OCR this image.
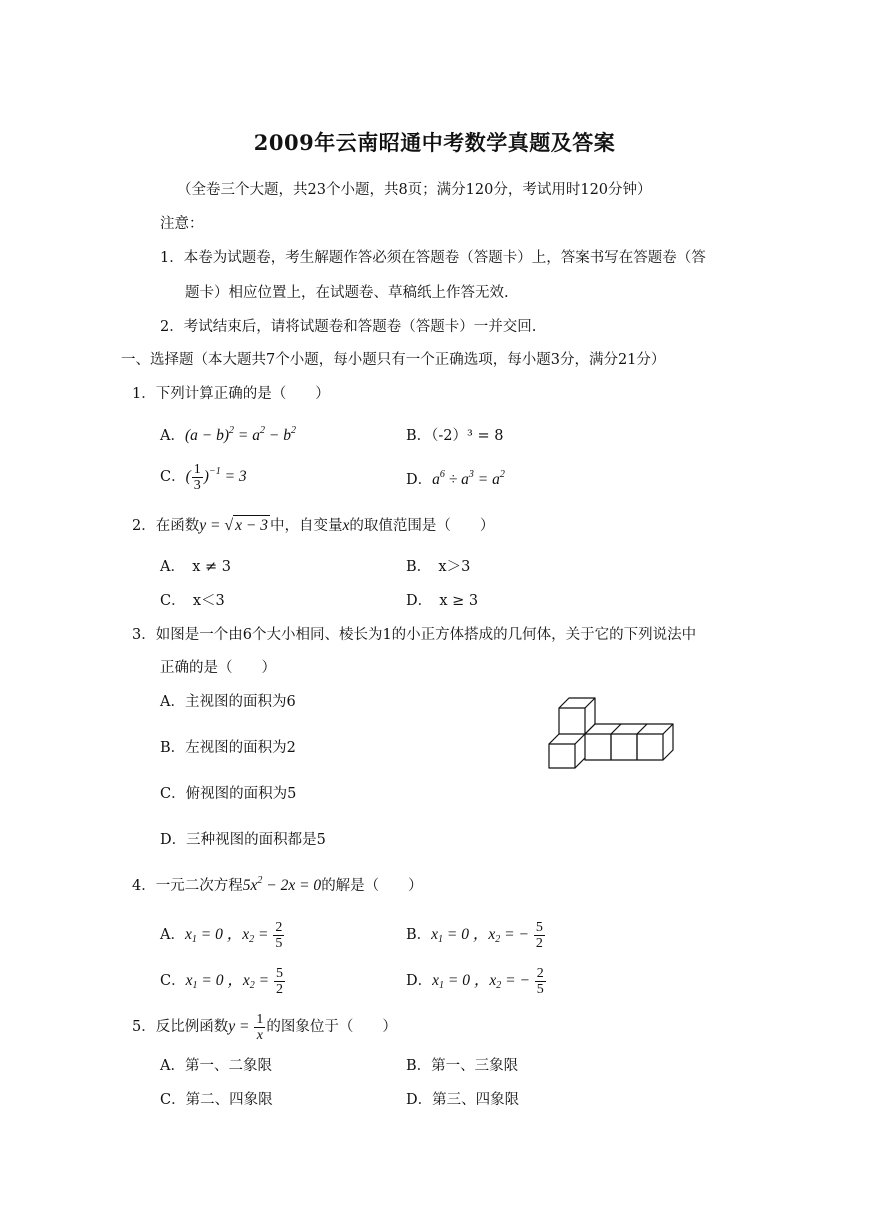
2009年云南昭通中考数学真题及答案
（全卷三个大题，共23个小题，共8页；满分120分，考试用时120分钟）
注意：
1．本卷为试题卷，考生解题作答必须在答题卷（答题卡）上，答案书写在答题卷（答
题卡）相应位置上，在试题卷、草稿纸上作答无效.
2．考试结束后，请将试题卷和答题卷（答题卡）一并交回.
一、选择题（本大题共7个小题，每小题只有一个正确选项，每小题3分，满分21分）
1．下列计算正确的是（　　）
A．$(a - b)^2 = a^2 - b^2$	B．（-2）³ = 8
C．( $\frac{1}{3} )^{-1} = 3$	D．$a^6 \div a^3 = a^2$
2．在函数y = √ x − 3 中，自变量x的取值范围是（　　）
A．　x ≠ 3	B．　x＞3
C．　x＜3	D．　x ≥ 3
3．如图是一个由6个大小相同、棱长为1的小正方体搭成的几何体，关于它的下列说法中
正确的是（　　）
A．主视图的面积为6
B．左视图的面积为2
C．俯视图的面积为5
D．三种视图的面积都是5
4．一元二次方程$5x^2 - 2x = 0$的解是（　　）
A．$x_1 = 0$ ，$x_2 = \frac{2}{5}$	B．$x_1 = 0$ ，$x_2$ = − $\frac{5}{2}$
C．$x_1 = 0$ ，$x_2 = \frac{5}{2}$	D．$x_1 = 0$ ，$x_2$ = − $\frac{2}{5}$
5．反比例函数$y = \frac{1}{x}$ 的图象位于（　　）
A．第一、二象限	B．第一、三象限
C．第二、四象限	D．第三、四象限
